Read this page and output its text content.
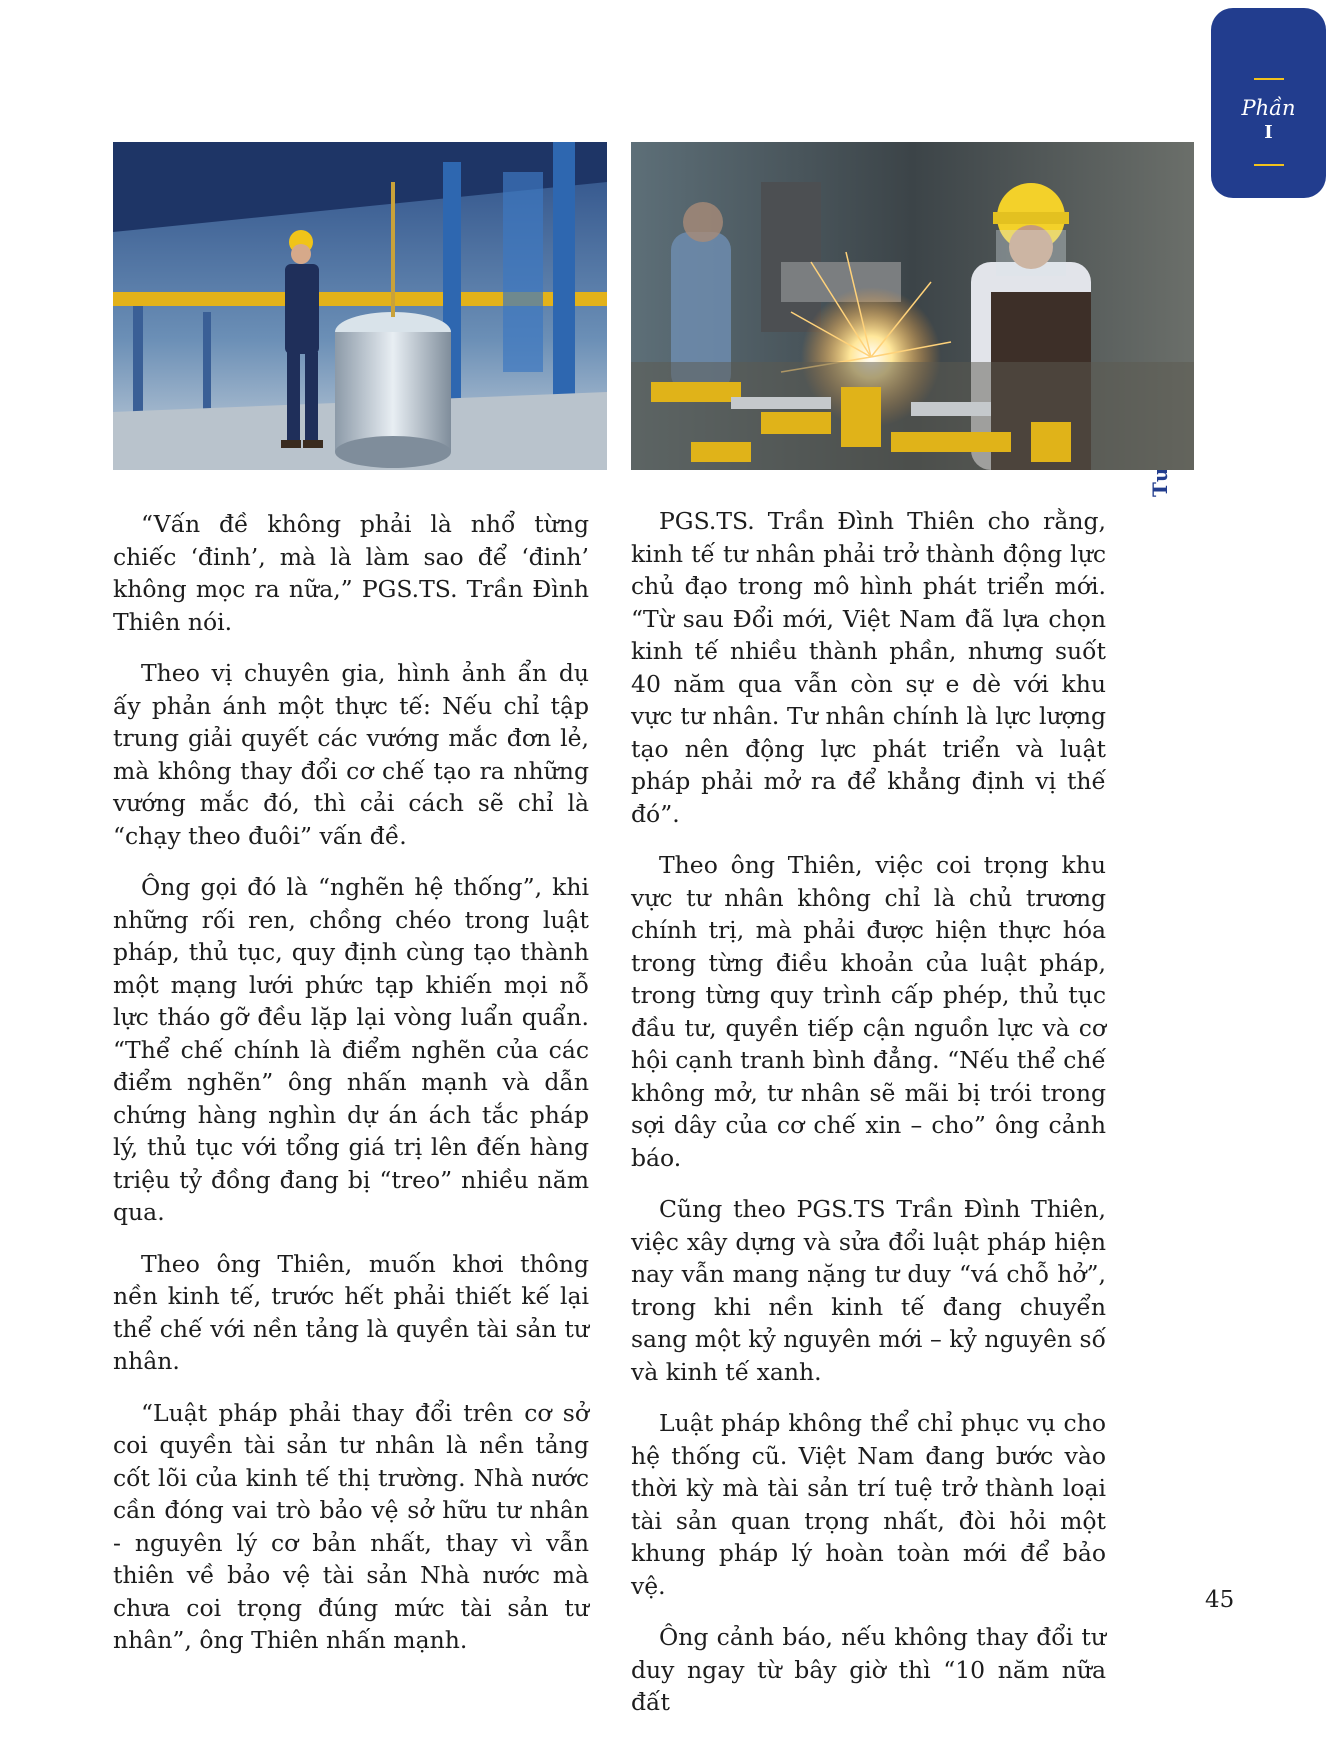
Phần
I

“Vấn đề không phải là nhổ từng chiếc ‘đinh’, mà là làm sao để ‘đinh’ không mọc ra nữa,” PGS.TS. Trần Đình Thiên nói.

Theo vị chuyên gia, hình ảnh ẩn dụ ấy phản ánh một thực tế: Nếu chỉ tập trung giải quyết các vướng mắc đơn lẻ, mà không thay đổi cơ chế tạo ra những vướng mắc đó, thì cải cách sẽ chỉ là “chạy theo đuôi” vấn đề.

Ông gọi đó là “nghẽn hệ thống”, khi những rối ren, chồng chéo trong luật pháp, thủ tục, quy định cùng tạo thành một mạng lưới phức tạp khiến mọi nỗ lực tháo gỡ đều lặp lại vòng luẩn quẩn. “Thể chế chính là điểm nghẽn của các điểm nghẽn” ông nhấn mạnh và dẫn chứng hàng nghìn dự án ách tắc pháp lý, thủ tục với tổng giá trị lên đến hàng triệu tỷ đồng đang bị “treo” nhiều năm qua.

Theo ông Thiên, muốn khơi thông nền kinh tế, trước hết phải thiết kế lại thể chế với nền tảng là quyền tài sản tư nhân.

“Luật pháp phải thay đổi trên cơ sở coi quyền tài sản tư nhân là nền tảng cốt lõi của kinh tế thị trường. Nhà nước cần đóng vai trò bảo vệ sở hữu tư nhân - nguyên lý cơ bản nhất, thay vì vẫn thiên về bảo vệ tài sản Nhà nước mà chưa coi trọng đúng mức tài sản tư nhân”, ông Thiên nhấn mạnh.

PGS.TS. Trần Đình Thiên cho rằng, kinh tế tư nhân phải trở thành động lực chủ đạo trong mô hình phát triển mới. “Từ sau Đổi mới, Việt Nam đã lựa chọn kinh tế nhiều thành phần, nhưng suốt 40 năm qua vẫn còn sự e dè với khu vực tư nhân. Tư nhân chính là lực lượng tạo nên động lực phát triển và luật pháp phải mở ra để khẳng định vị thế đó”.

Theo ông Thiên, việc coi trọng khu vực tư nhân không chỉ là chủ trương chính trị, mà phải được hiện thực hóa trong từng điều khoản của luật pháp, trong từng quy trình cấp phép, thủ tục đầu tư, quyền tiếp cận nguồn lực và cơ hội cạnh tranh bình đẳng. “Nếu thể chế không mở, tư nhân sẽ mãi bị trói trong sợi dây của cơ chế xin – cho” ông cảnh báo.

Cũng theo PGS.TS Trần Đình Thiên, việc xây dựng và sửa đổi luật pháp hiện nay vẫn mang nặng tư duy “vá chỗ hở”, trong khi nền kinh tế đang chuyển sang một kỷ nguyên mới – kỷ nguyên số và kinh tế xanh.

Luật pháp không thể chỉ phục vụ cho hệ thống cũ. Việt Nam đang bước vào thời kỳ mà tài sản trí tuệ trở thành loại tài sản quan trọng nhất, đòi hỏi một khung pháp lý hoàn toàn mới để bảo vệ.

Ông cảnh báo, nếu không thay đổi tư duy ngay từ bây giờ thì “10 năm nữa đất

45
